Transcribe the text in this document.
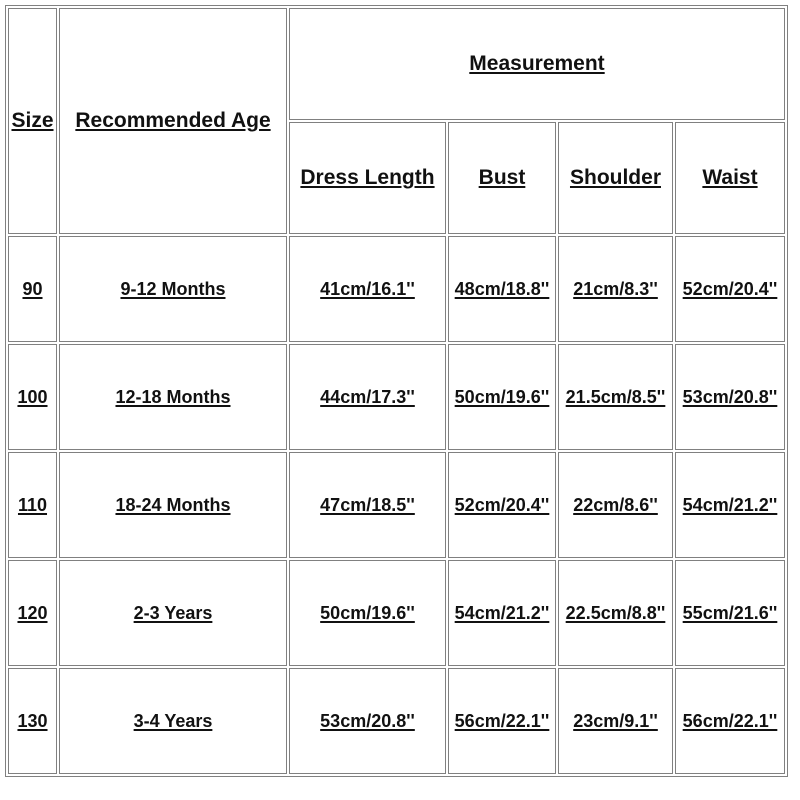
Size	Recommended Age	Measurement			
		Dress Length	Bust	Shoulder	Waist
90	9-12 Months	41cm/16.1''	48cm/18.8''	21cm/8.3''	52cm/20.4''
100	12-18 Months	44cm/17.3''	50cm/19.6''	21.5cm/8.5''	53cm/20.8''
110	18-24 Months	47cm/18.5''	52cm/20.4''	22cm/8.6''	54cm/21.2''
120	2-3 Years	50cm/19.6''	54cm/21.2''	22.5cm/8.8''	55cm/21.6''
130	3-4 Years	53cm/20.8''	56cm/22.1''	23cm/9.1''	56cm/22.1''
